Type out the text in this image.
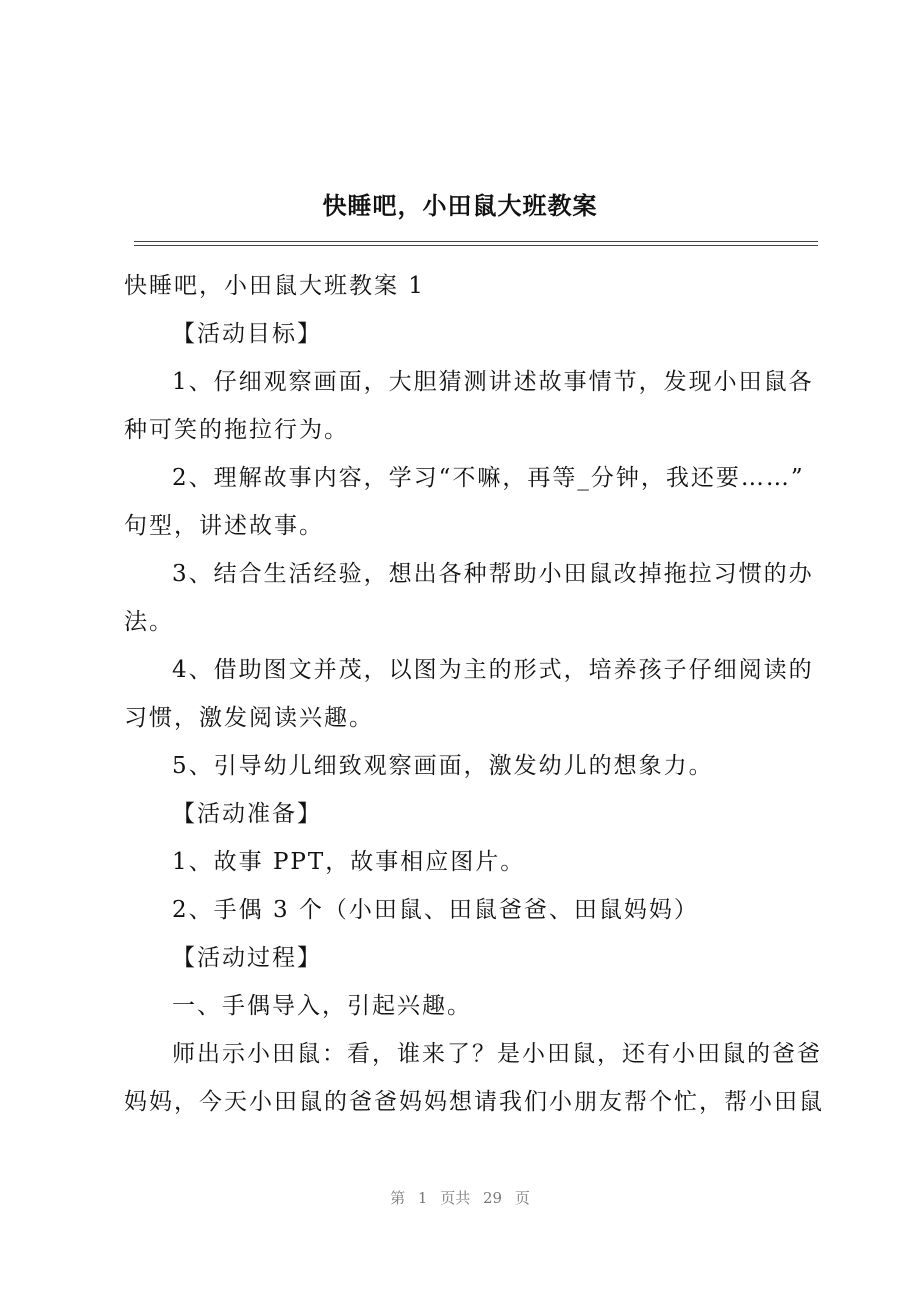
快睡吧，小田鼠大班教案

快睡吧，小田鼠大班教案 1

【活动目标】

1、仔细观察画面，大胆猜测讲述故事情节，发现小田鼠各

种可笑的拖拉行为。

2、理解故事内容，学习“不嘛，再等_分钟，我还要……”

句型，讲述故事。

3、结合生活经验，想出各种帮助小田鼠改掉拖拉习惯的办

法。

4、借助图文并茂，以图为主的形式，培养孩子仔细阅读的

习惯，激发阅读兴趣。

5、引导幼儿细致观察画面，激发幼儿的想象力。

【活动准备】

1、故事 PPT，故事相应图片。

2、手偶 3 个（小田鼠、田鼠爸爸、田鼠妈妈）

【活动过程】

一、手偶导入，引起兴趣。

师出示小田鼠：看，谁来了？是小田鼠，还有小田鼠的爸爸

妈妈，今天小田鼠的爸爸妈妈想请我们小朋友帮个忙，帮小田鼠

第 1 页共 29 页
